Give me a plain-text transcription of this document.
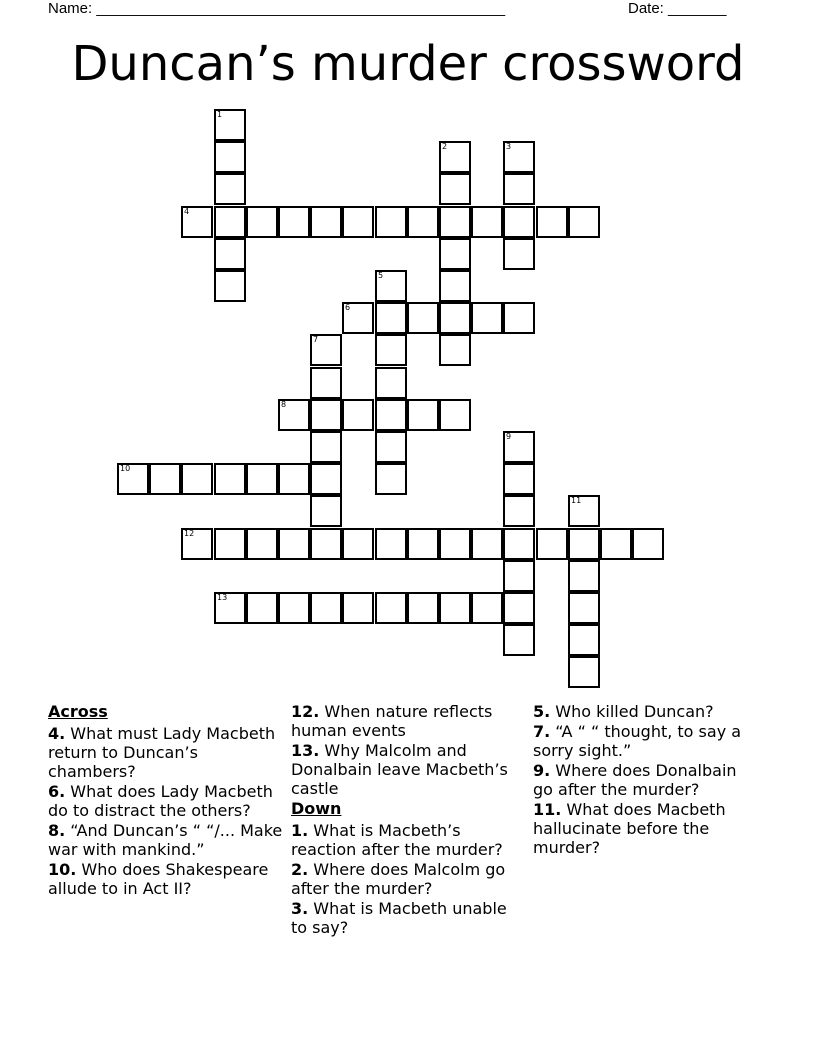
Name: _________________________________________________	Date: _______
Duncan’s murder crossword
1
2	3
4
5
6
7
8
9
10
11
12
13
Across
4. What must Lady Macbeth return to Duncan’s chambers?
6. What does Lady Macbeth do to distract the others?
8. “And Duncan’s “ “/... Make war with mankind.”
10. Who does Shakespeare allude to in Act II?
12. When nature reflects human events
13. Why Malcolm and Donalbain leave Macbeth’s castle
Down
1. What is Macbeth’s reaction after the murder?
2. Where does Malcolm go after the murder?
3. What is Macbeth unable to say?
5. Who killed Duncan?
7. “A “ “ thought, to say a sorry sight.”
9. Where does Donalbain go after the murder?
11. What does Macbeth hallucinate before the murder?
